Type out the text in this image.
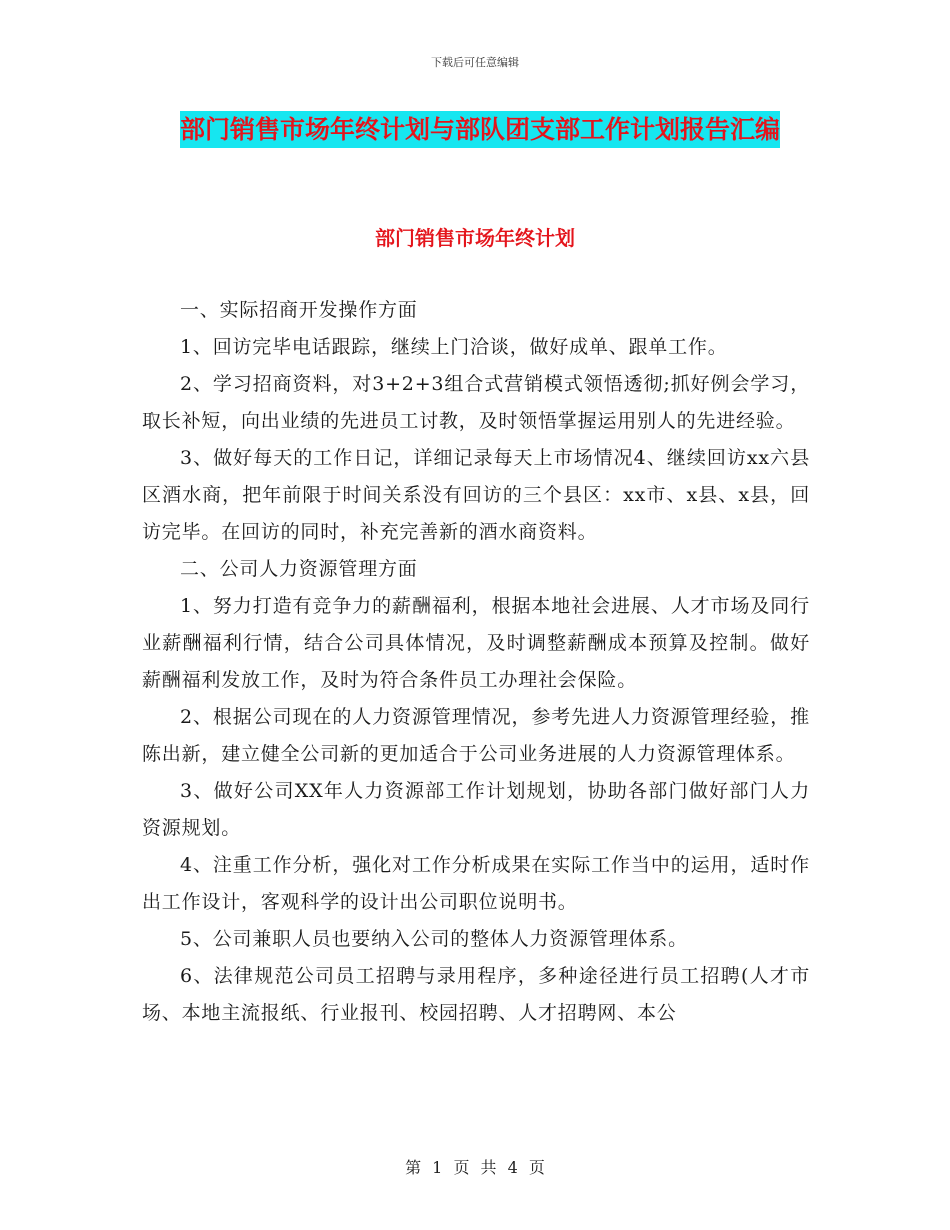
下载后可任意编辑
部门销售市场年终计划与部队团支部工作计划报告汇编
部门销售市场年终计划

一、实际招商开发操作方面

1、回访完毕电话跟踪，继续上门洽谈，做好成单、跟单工作。

2、学习招商资料，对3+2+3组合式营销模式领悟透彻;抓好例会学习，取长补短，向出业绩的先进员工讨教，及时领悟掌握运用别人的先进经验。

3、做好每天的工作日记，详细记录每天上市场情况4、继续回访xx六县区酒水商，把年前限于时间关系没有回访的三个县区：xx市、x县、x县，回访完毕。在回访的同时，补充完善新的酒水商资料。

二、公司人力资源管理方面

1、努力打造有竞争力的薪酬福利，根据本地社会进展、人才市场及同行业薪酬福利行情，结合公司具体情况，及时调整薪酬成本预算及控制。做好薪酬福利发放工作，及时为符合条件员工办理社会保险。

2、根据公司现在的人力资源管理情况，参考先进人力资源管理经验，推陈出新，建立健全公司新的更加适合于公司业务进展的人力资源管理体系。

3、做好公司XX年人力资源部工作计划规划，协助各部门做好部门人力资源规划。

4、注重工作分析，强化对工作分析成果在实际工作当中的运用，适时作出工作设计，客观科学的设计出公司职位说明书。

5、公司兼职人员也要纳入公司的整体人力资源管理体系。

6、法律规范公司员工招聘与录用程序，多种途径进行员工招聘(人才市场、本地主流报纸、行业报刊、校园招聘、人才招聘网、本公

第 1 页 共 4 页
